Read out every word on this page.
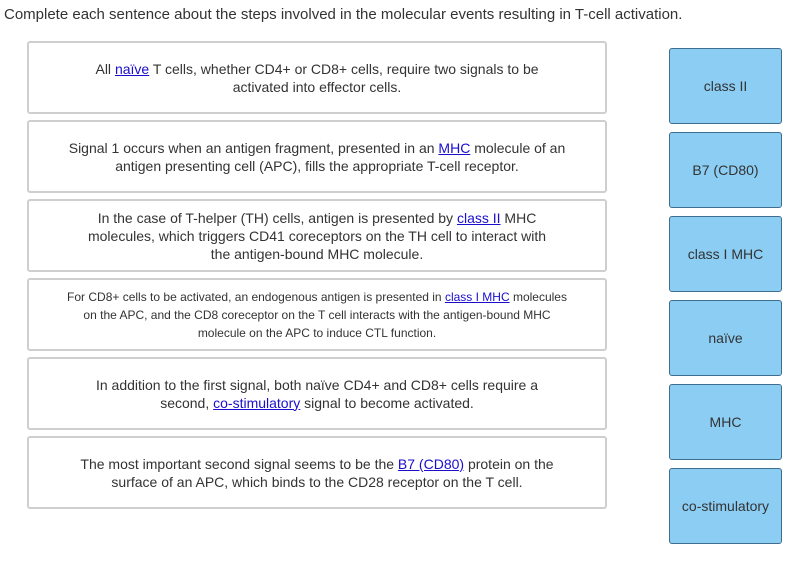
Complete each sentence about the steps involved in the molecular events resulting in T-cell activation.
All naïve T cells, whether CD4+ or CD8+ cells, require two signals to be activated into effector cells.
Signal 1 occurs when an antigen fragment, presented in an MHC molecule of an antigen presenting cell (APC), fills the appropriate T-cell receptor.
In the case of T-helper (TH) cells, antigen is presented by class II MHC molecules, which triggers CD41 coreceptors on the TH cell to interact with the antigen-bound MHC molecule.
For CD8+ cells to be activated, an endogenous antigen is presented in class I MHC molecules on the APC, and the CD8 coreceptor on the T cell interacts with the antigen-bound MHC molecule on the APC to induce CTL function.
In addition to the first signal, both naïve CD4+ and CD8+ cells require a second, co-stimulatory signal to become activated.
The most important second signal seems to be the B7 (CD80) protein on the surface of an APC, which binds to the CD28 receptor on the T cell.
class II
B7 (CD80)
class I MHC
naïve
MHC
co-stimulatory
